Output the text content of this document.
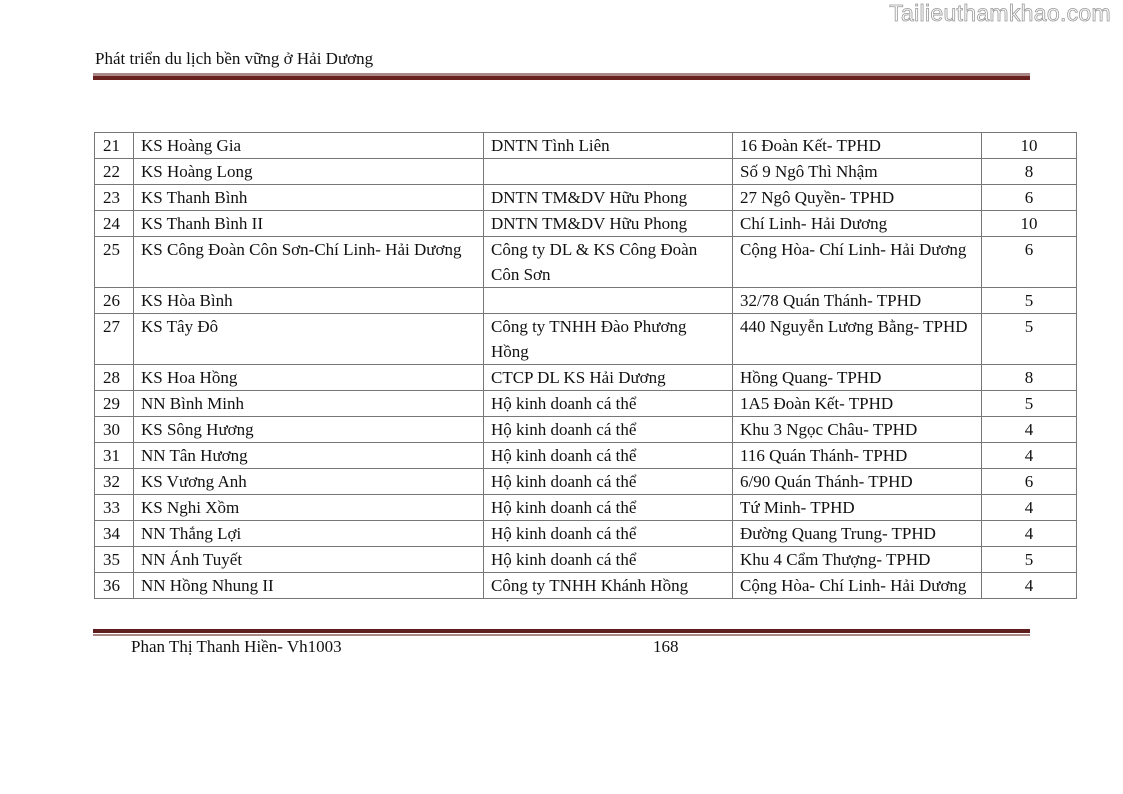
Tailieuthamkhao.com
Phát triển du lịch bền vững ở Hải Dương
21	KS Hoàng Gia	DNTN Tình Liên	16 Đoàn Kết- TPHD	10
22	KS Hoàng Long		Số 9 Ngô Thì Nhậm	8
23	KS Thanh Bình	DNTN TM&DV Hữu Phong	27 Ngô Quyền- TPHD	6
24	KS Thanh Bình II	DNTN TM&DV Hữu Phong	Chí Linh- Hải Dương	10
25	KS Công Đoàn Côn Sơn-Chí Linh- Hải Dương	Công ty DL & KS Công Đoàn Côn Sơn	Cộng Hòa- Chí Linh- Hải Dương	6
26	KS Hòa Bình		32/78 Quán Thánh- TPHD	5
27	KS Tây Đô	Công ty TNHH Đào Phương Hồng	440 Nguyễn Lương Bằng- TPHD	5
28	KS Hoa Hồng	CTCP DL KS Hải Dương	Hồng Quang- TPHD	8
29	NN Bình Minh	Hộ kinh doanh cá thể	1A5 Đoàn Kết- TPHD	5
30	KS Sông Hương	Hộ kinh doanh cá thể	Khu 3 Ngọc Châu- TPHD	4
31	NN Tân Hương	Hộ kinh doanh cá thể	116 Quán Thánh- TPHD	4
32	KS Vương Anh	Hộ kinh doanh cá thể	6/90 Quán Thánh- TPHD	6
33	KS Nghi Xồm	Hộ kinh doanh cá thể	Tứ Minh- TPHD	4
34	NN Thắng Lợi	Hộ kinh doanh cá thể	Đường Quang Trung- TPHD	4
35	NN Ánh Tuyết	Hộ kinh doanh cá thể	Khu 4 Cẩm Thượng- TPHD	5
36	NN Hồng Nhung II	Công ty TNHH Khánh Hồng	Cộng Hòa- Chí Linh- Hải Dương	4
Phan Thị Thanh Hiền- Vh1003	168
